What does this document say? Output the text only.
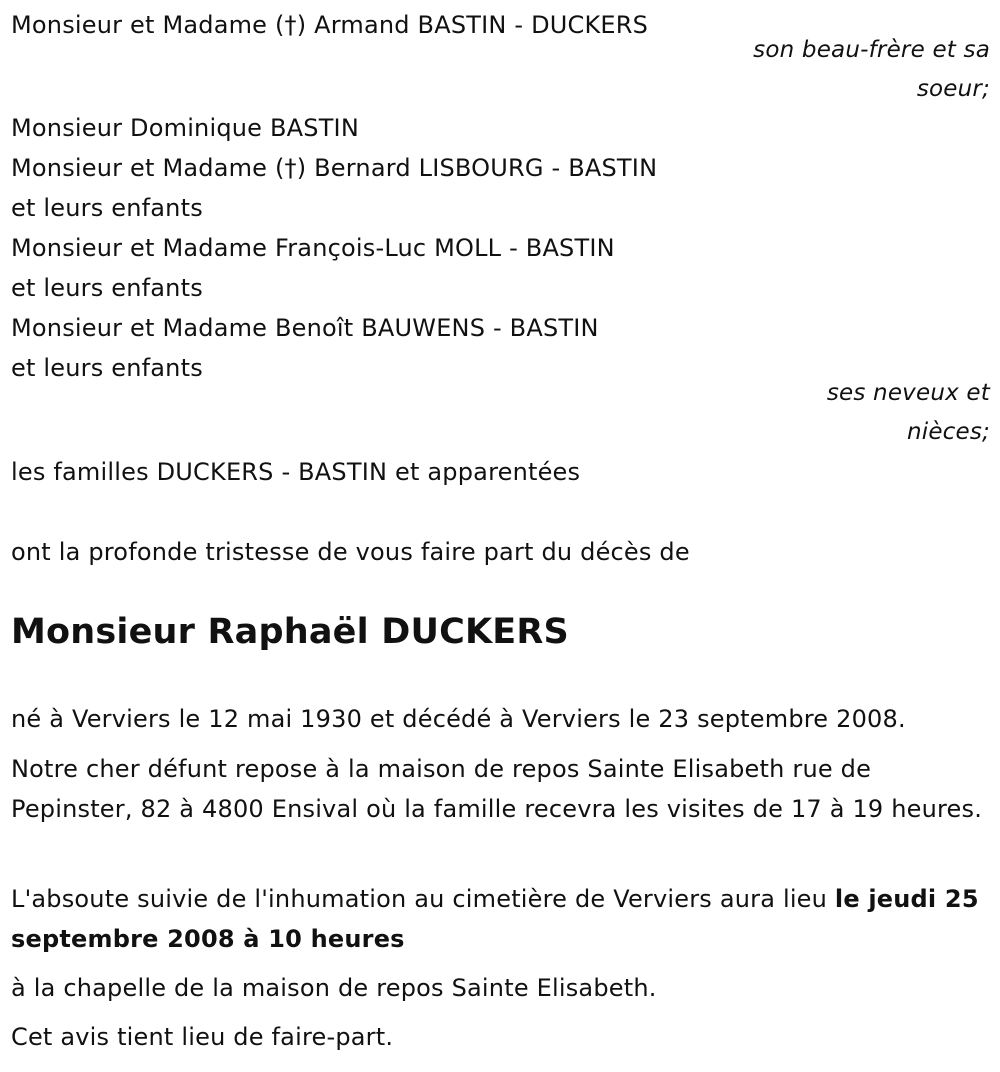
Monsieur et Madame (†) Armand BASTIN - DUCKERS
son beau-frère et sa
soeur;
Monsieur Dominique BASTIN
Monsieur et Madame (†) Bernard LISBOURG - BASTIN
et leurs enfants
Monsieur et Madame François-Luc MOLL - BASTIN
et leurs enfants
Monsieur et Madame Benoît BAUWENS - BASTIN
et leurs enfants
ses neveux et
nièces;
les familles DUCKERS - BASTIN et apparentées
ont la profonde tristesse de vous faire part du décès de
Monsieur Raphaël DUCKERS
né à Verviers le 12 mai 1930 et décédé à Verviers le 23 septembre 2008.
Notre cher défunt repose à la maison de repos Sainte Elisabeth rue de Pepinster, 82 à 4800 Ensival où la famille recevra les visites de 17 à 19 heures.
L'absoute suivie de l'inhumation au cimetière de Verviers aura lieu le jeudi 25 septembre 2008 à 10 heures
à la chapelle de la maison de repos Sainte Elisabeth.
Cet avis tient lieu de faire-part.
